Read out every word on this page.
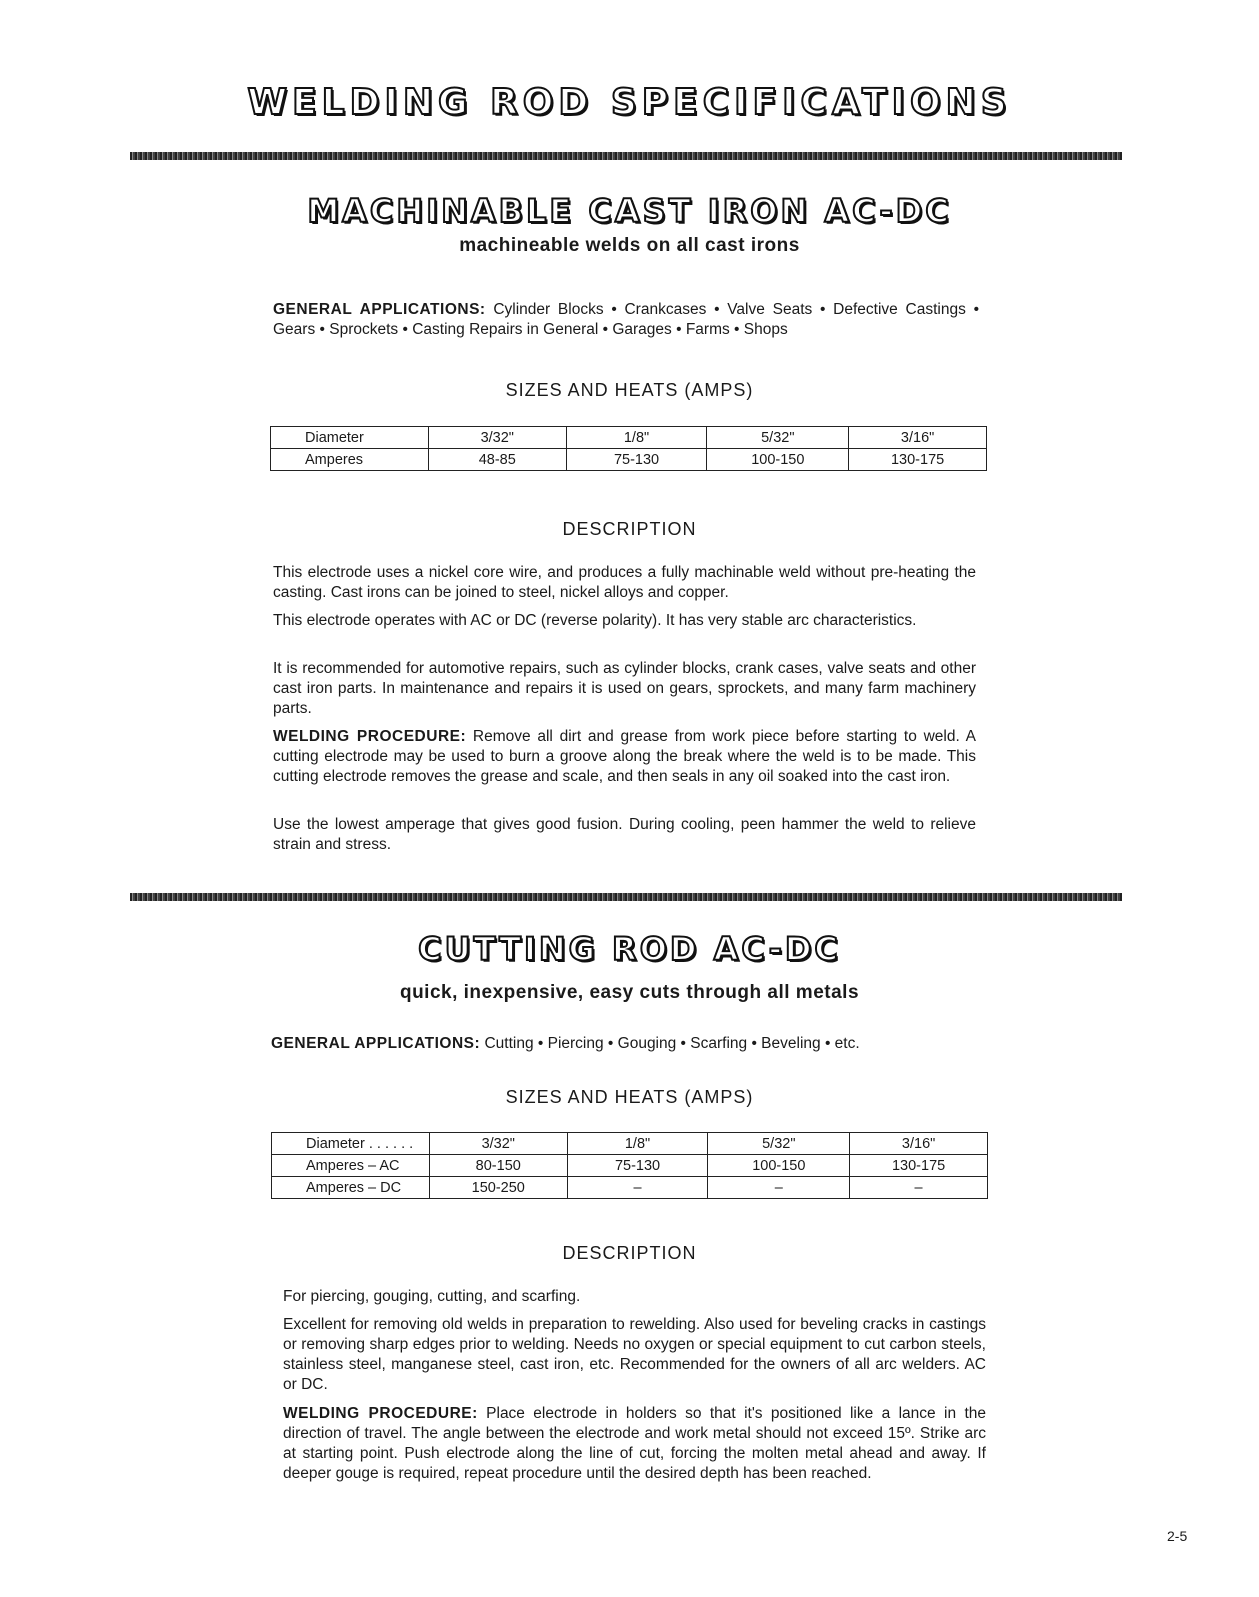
WELDING ROD SPECIFICATIONS
MACHINABLE CAST IRON AC-DC
machineable welds on all cast irons

GENERAL APPLICATIONS: Cylinder Blocks • Crankcases • Valve Seats • Defective Castings • Gears • Sprockets • Casting Repairs in General • Garages • Farms • Shops

SIZES AND HEATS (AMPS)
Diameter	3/32"	1/8"	5/32"	3/16"
Amperes	48-85	75-130	100-150	130-175
DESCRIPTION

This electrode uses a nickel core wire, and produces a fully machinable weld without pre-heating the casting. Cast irons can be joined to steel, nickel alloys and copper.

This electrode operates with AC or DC (reverse polarity). It has very stable arc characteristics.

It is recommended for automotive repairs, such as cylinder blocks, crank cases, valve seats and other cast iron parts. In maintenance and repairs it is used on gears, sprockets, and many farm machinery parts.

WELDING PROCEDURE: Remove all dirt and grease from work piece before starting to weld. A cutting electrode may be used to burn a groove along the break where the weld is to be made. This cutting electrode removes the grease and scale, and then seals in any oil soaked into the cast iron.

Use the lowest amperage that gives good fusion. During cooling, peen hammer the weld to relieve strain and stress.

CUTTING ROD AC-DC
quick, inexpensive, easy cuts through all metals

GENERAL APPLICATIONS: Cutting • Piercing • Gouging • Scarfing • Beveling • etc.

SIZES AND HEATS (AMPS)
Diameter . . . . . .	3/32"	1/8"	5/32"	3/16"
Amperes – AC	80-150	75-130	100-150	130-175
Amperes – DC	150-250	–	–	–
DESCRIPTION

For piercing, gouging, cutting, and scarfing.

Excellent for removing old welds in preparation to rewelding. Also used for beveling cracks in castings or removing sharp edges prior to welding. Needs no oxygen or special equipment to cut carbon steels, stainless steel, manganese steel, cast iron, etc. Recommended for the owners of all arc welders. AC or DC.

WELDING PROCEDURE: Place electrode in holders so that it's positioned like a lance in the direction of travel. The angle between the electrode and work metal should not exceed 15º. Strike arc at starting point. Push electrode along the line of cut, forcing the molten metal ahead and away. If deeper gouge is required, repeat procedure until the desired depth has been reached.

2-5
